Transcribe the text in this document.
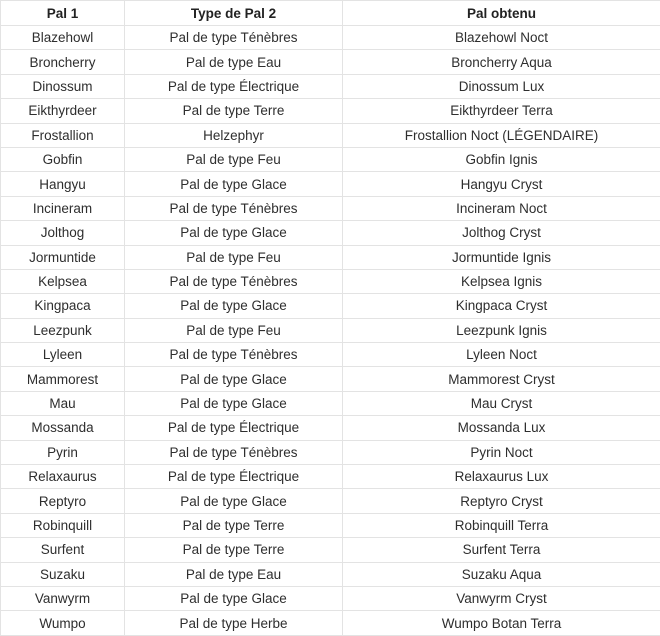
Pal 1	Type de Pal 2	Pal obtenu
Blazehowl	Pal de type Ténèbres	Blazehowl Noct
Broncherry	Pal de type Eau	Broncherry Aqua
Dinossum	Pal de type Électrique	Dinossum Lux
Eikthyrdeer	Pal de type Terre	Eikthyrdeer Terra
Frostallion	Helzephyr	Frostallion Noct (LÉGENDAIRE)
Gobfin	Pal de type Feu	Gobfin Ignis
Hangyu	Pal de type Glace	Hangyu Cryst
Incineram	Pal de type Ténèbres	Incineram Noct
Jolthog	Pal de type Glace	Jolthog Cryst
Jormuntide	Pal de type Feu	Jormuntide Ignis
Kelpsea	Pal de type Ténèbres	Kelpsea Ignis
Kingpaca	Pal de type Glace	Kingpaca Cryst
Leezpunk	Pal de type Feu	Leezpunk Ignis
Lyleen	Pal de type Ténèbres	Lyleen Noct
Mammorest	Pal de type Glace	Mammorest Cryst
Mau	Pal de type Glace	Mau Cryst
Mossanda	Pal de type Électrique	Mossanda Lux
Pyrin	Pal de type Ténèbres	Pyrin Noct
Relaxaurus	Pal de type Électrique	Relaxaurus Lux
Reptyro	Pal de type Glace	Reptyro Cryst
Robinquill	Pal de type Terre	Robinquill Terra
Surfent	Pal de type Terre	Surfent Terra
Suzaku	Pal de type Eau	Suzaku Aqua
Vanwyrm	Pal de type Glace	Vanwyrm Cryst
Wumpo	Pal de type Herbe	Wumpo Botan Terra
